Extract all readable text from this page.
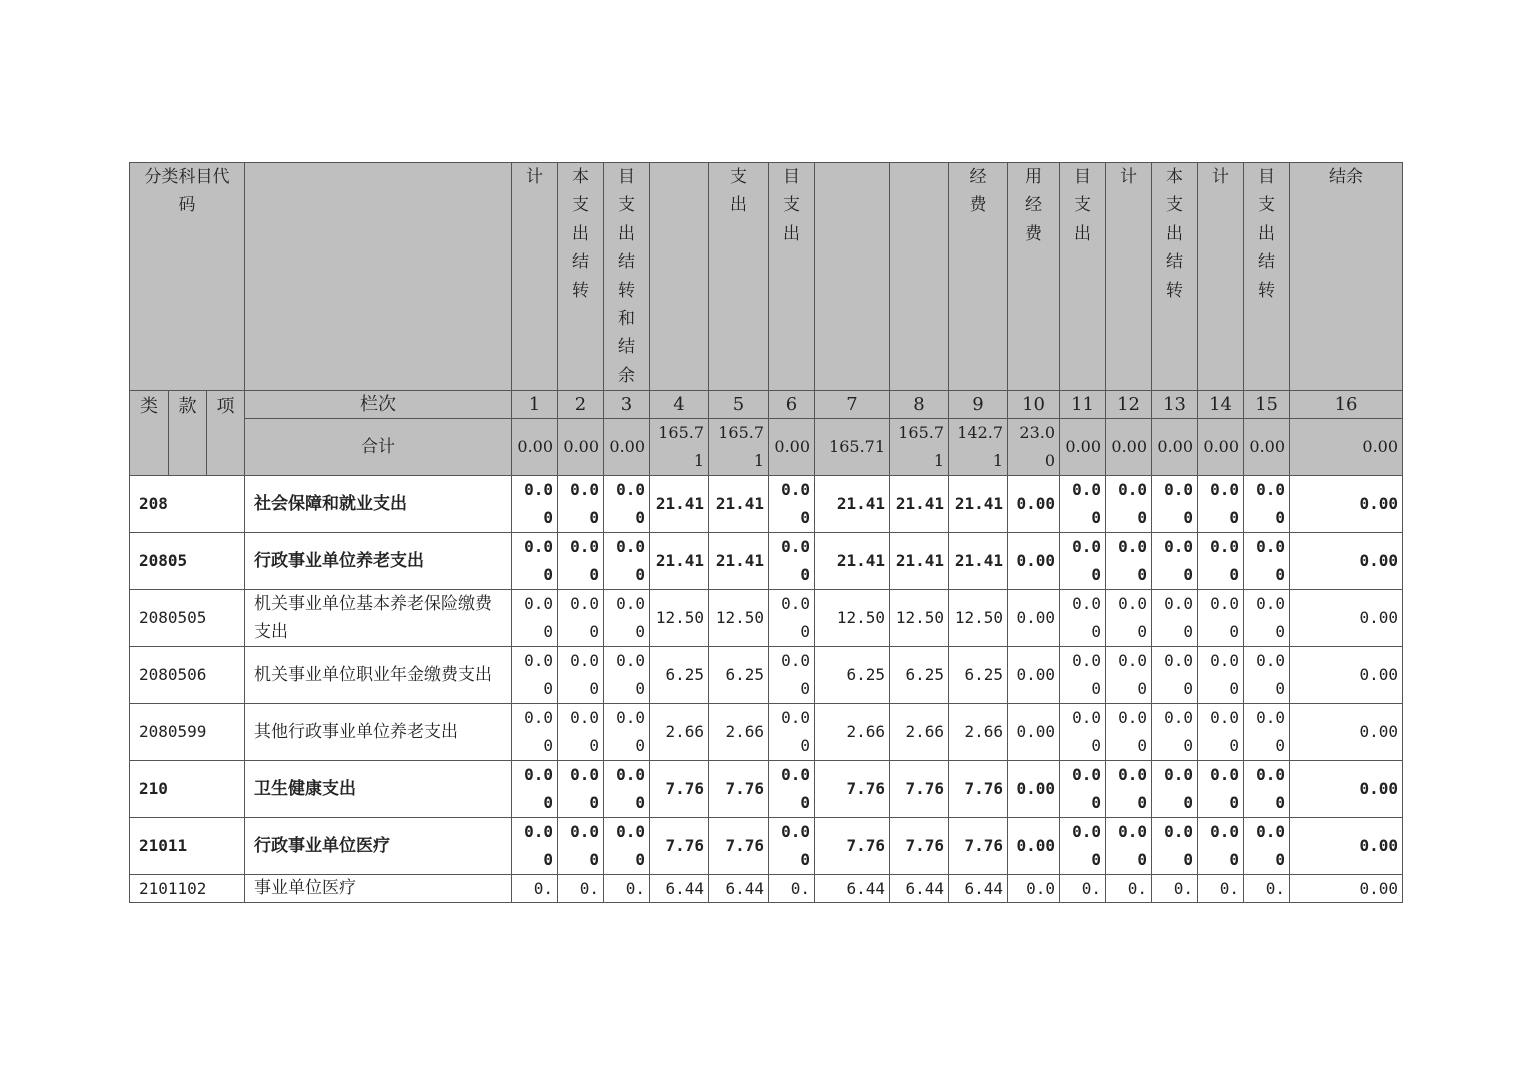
分类科目代码				计	本支出结转	目支出结转和结余		支出	目支出			经费	用经费	目支出	计	本支出结转	计	目支出结转	结余

类	款	项	栏次	1	2	3	4	5	6	7	8	9	10	11	12	13	14	15	16
			合计	0.00	0.00	0.00	165.71	165.71	0.00	165.71	165.71	142.71	23.00	0.00	0.00	0.00	0.00	0.00	0.00
208			社会保障和就业支出	0.00	0.00	0.00	21.41	21.41	0.00	21.41	21.41	21.41	0.00	0.00	0.00	0.00	0.00	0.00	0.00
20805			行政事业单位养老支出	0.00	0.00	0.00	21.41	21.41	0.00	21.41	21.41	21.41	0.00	0.00	0.00	0.00	0.00	0.00	0.00
2080505			机关事业单位基本养老保险缴费支出	0.00	0.00	0.00	12.50	12.50	0.00	12.50	12.50	12.50	0.00	0.00	0.00	0.00	0.00	0.00	0.00
2080506			机关事业单位职业年金缴费支出	0.00	0.00	0.00	6.25	6.25	0.00	6.25	6.25	6.25	0.00	0.00	0.00	0.00	0.00	0.00	0.00
2080599			其他行政事业单位养老支出	0.00	0.00	0.00	2.66	2.66	0.00	2.66	2.66	2.66	0.00	0.00	0.00	0.00	0.00	0.00	0.00
210			卫生健康支出	0.00	0.00	0.00	7.76	7.76	0.00	7.76	7.76	7.76	0.00	0.00	0.00	0.00	0.00	0.00	0.00
21011			行政事业单位医疗	0.00	0.00	0.00	7.76	7.76	0.00	7.76	7.76	7.76	0.00	0.00	0.00	0.00	0.00	0.00	0.00
2101102			事业单位医疗	0.	0.	0.	6.44	6.44	0.	6.44	6.44	6.44	0.0	0.	0.	0.	0.	0.	0.00
